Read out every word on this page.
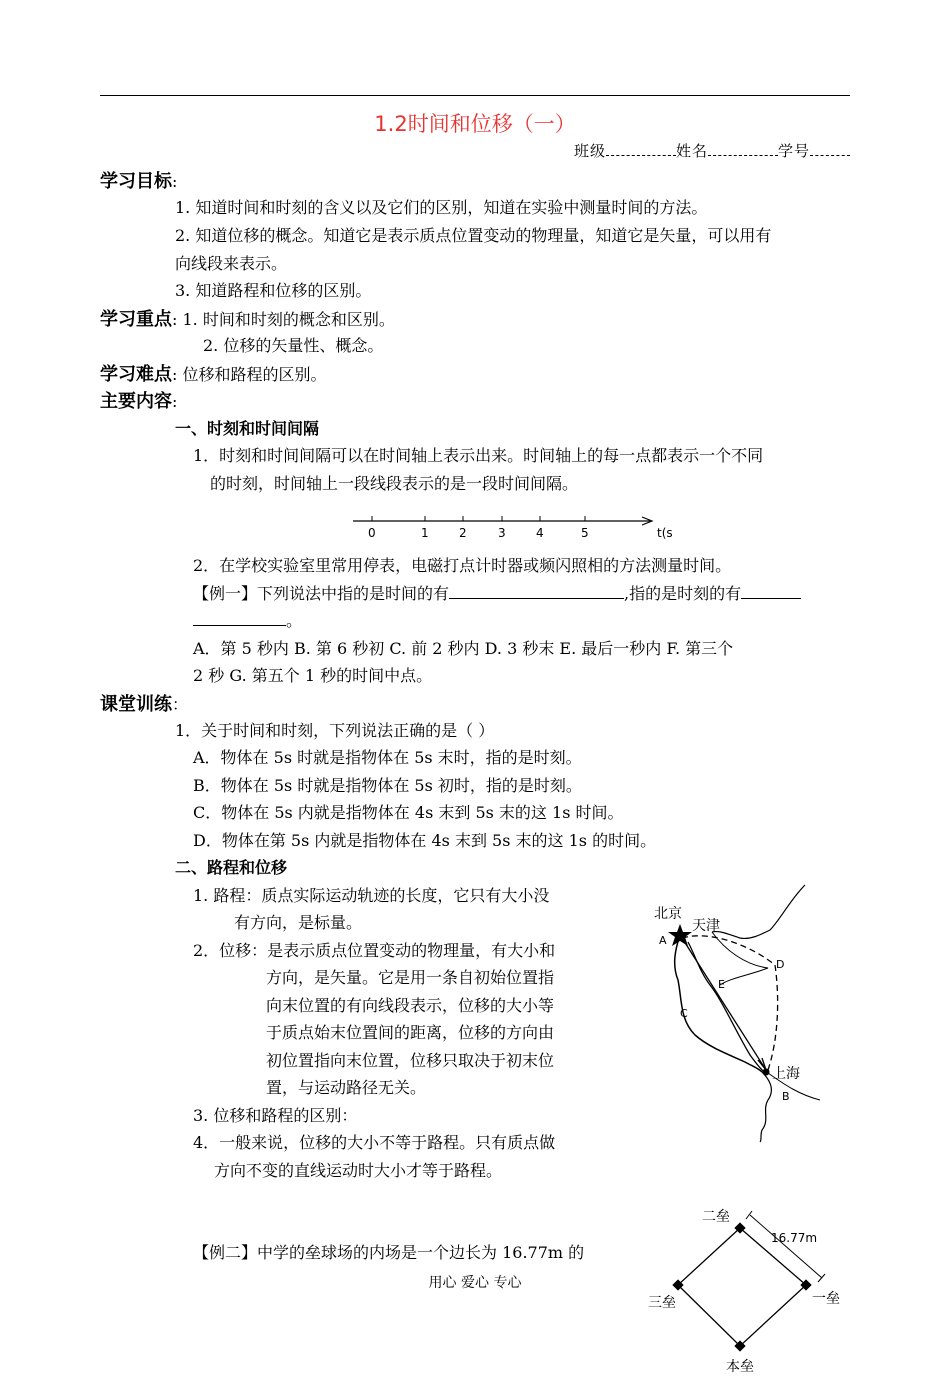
1.2时间和位移（一）
班级	姓名	学号
学习目标:
1. 知道时间和时刻的含义以及它们的区别，知道在实验中测量时间的方法。
2. 知道位移的概念。知道它是表示质点位置变动的物理量，知道它是矢量，可以用有
向线段来表示。
3. 知道路程和位移的区别。
学习重点: 1. 时间和时刻的概念和区别。
2. 位移的矢量性、概念。
学习难点: 位移和路程的区别。
主要内容:
一、时刻和时间间隔
1．时刻和时间间隔可以在时间轴上表示出来。时间轴上的每一点都表示一个不同
的时刻，时间轴上一段线段表示的是一段时间间隔。
0	1	2	3	4	5	t(s
2．在学校实验室里常用停表，电磁打点计时器或频闪照相的方法测量时间。
【例一】下列说法中指的是时间的有	,指的是时刻的有
。
A．第 5 秒内 B. 第 6 秒初 C. 前 2 秒内 D. 3 秒末 E. 最后一秒内 F. 第三个
2 秒 G. 第五个 1 秒的时间中点。
课堂训练：
1．关于时间和时刻，下列说法正确的是（ ）
A．物体在 5s 时就是指物体在 5s 末时，指的是时刻。
B．物体在 5s 时就是指物体在 5s 初时，指的是时刻。
C．物体在 5s 内就是指物体在 4s 末到 5s 末的这 1s 时间。
D．物体在第 5s 内就是指物体在 4s 末到 5s 末的这 1s 的时间。
二、路程和位移
1. 路程：质点实际运动轨迹的长度，它只有大小没
有方向，是标量。
2．位移：是表示质点位置变动的物理量，有大小和
方向，是矢量。它是用一条自初始位置指
向末位置的有向线段表示，位移的大小等
于质点始末位置间的距离，位移的方向由
初位置指向末位置，位移只取决于初末位
置，与运动路径无关。
3. 位移和路程的区别：
4．一般来说，位移的大小不等于路程。只有质点做
方向不变的直线运动时大小才等于路程。
北京
天津
A
D
E
C
上海
B
【例二】中学的垒球场的内场是一个边长为 16.77m 的
二垒
一垒
三垒
本垒
16.77m
用心 爱心 专心
